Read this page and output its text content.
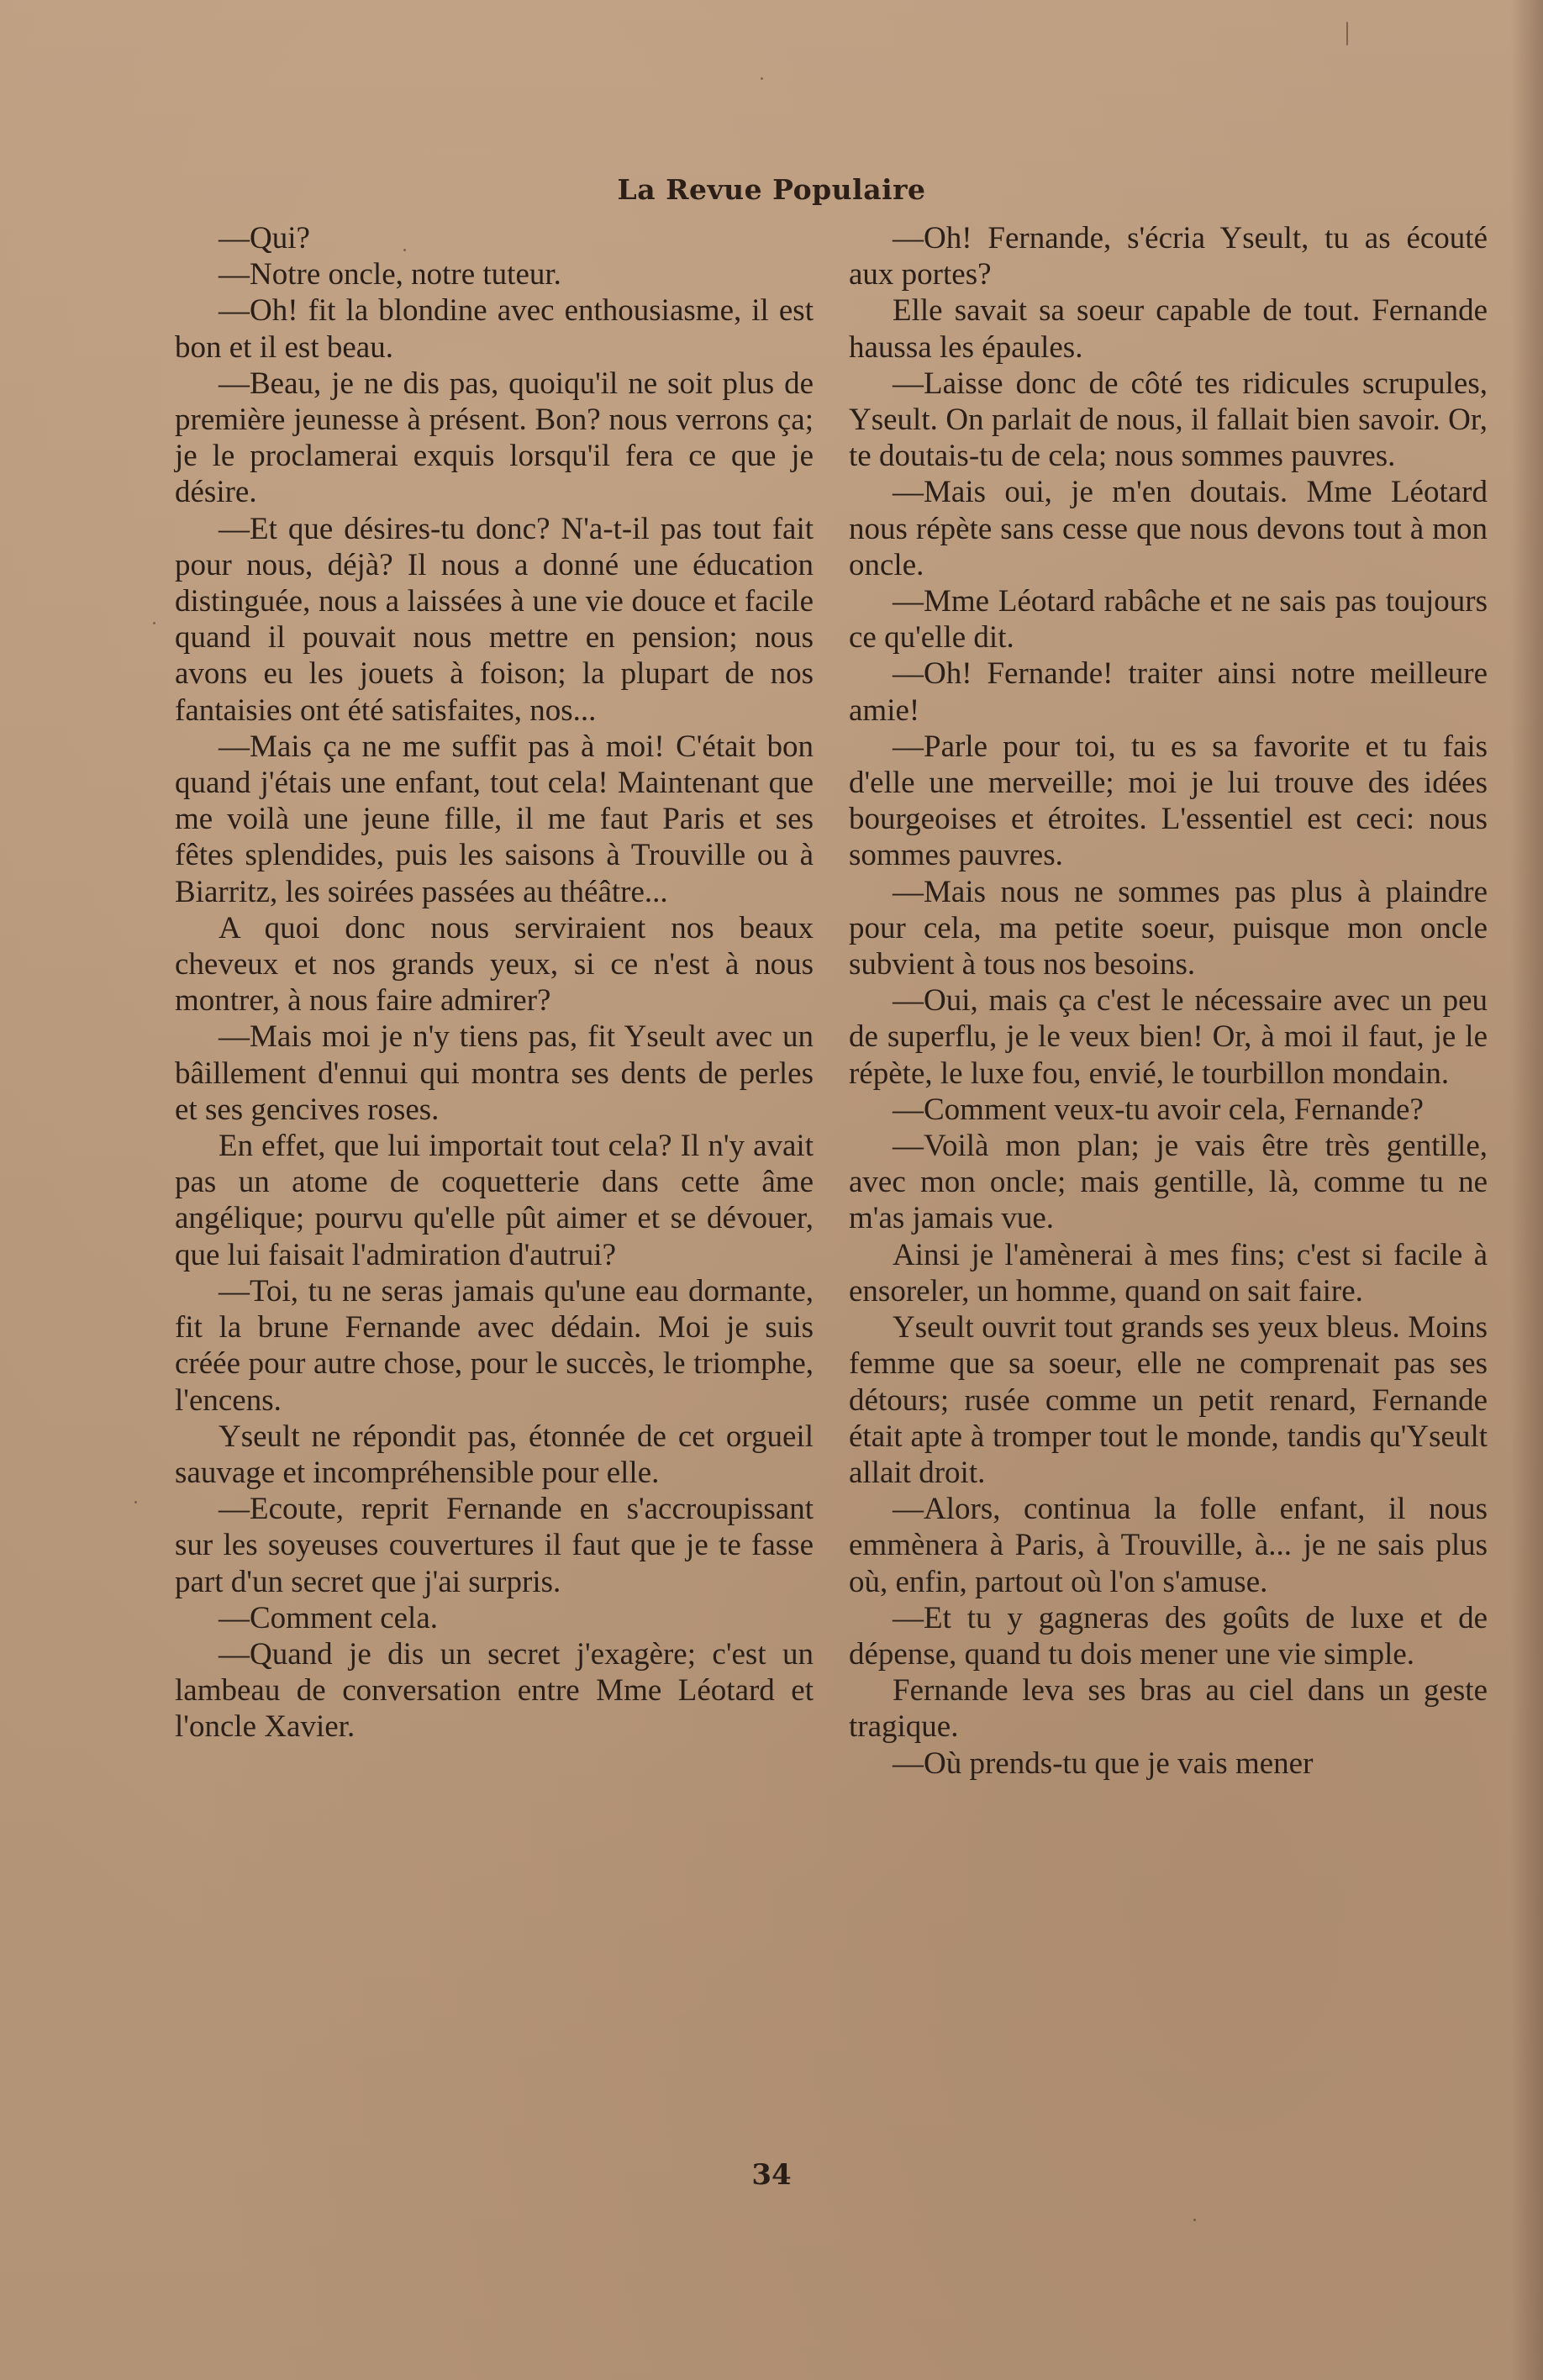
La Revue Populaire

—Qui?

—Notre oncle, notre tuteur.

—Oh! fit la blondine avec enthousiasme, il est bon et il est beau.

—Beau, je ne dis pas, quoiqu'il ne soit plus de première jeunesse à présent. Bon? nous verrons ça; je le proclamerai exquis lorsqu'il fera ce que je désire.

—Et que désires-tu donc? N'a-t-il pas tout fait pour nous, déjà? Il nous a donné une éducation distinguée, nous a laissées à une vie douce et facile quand il pouvait nous mettre en pension; nous avons eu les jouets à foison; la plupart de nos fantaisies ont été satisfaites, nos...

—Mais ça ne me suffit pas à moi! C'était bon quand j'étais une enfant, tout cela! Maintenant que me voilà une jeune fille, il me faut Paris et ses fêtes splendides, puis les saisons à Trouville ou à Biarritz, les soirées passées au théâtre...

A quoi donc nous serviraient nos beaux cheveux et nos grands yeux, si ce n'est à nous montrer, à nous faire admirer?

—Mais moi je n'y tiens pas, fit Yseult avec un bâillement d'ennui qui montra ses dents de perles et ses gencives roses.

En effet, que lui importait tout cela? Il n'y avait pas un atome de coquetterie dans cette âme angélique; pourvu qu'elle pût aimer et se dévouer, que lui faisait l'admiration d'autrui?

—Toi, tu ne seras jamais qu'une eau dormante, fit la brune Fernande avec dédain. Moi je suis créée pour autre chose, pour le succès, le triomphe, l'encens.

Yseult ne répondit pas, étonnée de cet orgueil sauvage et incompréhensible pour elle.

—Ecoute, reprit Fernande en s'accroupissant sur les soyeuses couvertures il faut que je te fasse part d'un secret que j'ai surpris.

—Comment cela.

—Quand je dis un secret j'exagère; c'est un lambeau de conversation entre Mme Léotard et l'oncle Xavier.

—Oh! Fernande, s'écria Yseult, tu as écouté aux portes?

Elle savait sa soeur capable de tout. Fernande haussa les épaules.

—Laisse donc de côté tes ridicules scrupules, Yseult. On parlait de nous, il fallait bien savoir. Or, te doutais-tu de cela; nous sommes pauvres.

—Mais oui, je m'en doutais. Mme Léotard nous répète sans cesse que nous devons tout à mon oncle.

—Mme Léotard rabâche et ne sais pas toujours ce qu'elle dit.

—Oh! Fernande! traiter ainsi notre meilleure amie!

—Parle pour toi, tu es sa favorite et tu fais d'elle une merveille; moi je lui trouve des idées bourgeoises et étroites. L'essentiel est ceci: nous sommes pauvres.

—Mais nous ne sommes pas plus à plaindre pour cela, ma petite soeur, puisque mon oncle subvient à tous nos besoins.

—Oui, mais ça c'est le nécessaire avec un peu de superflu, je le veux bien! Or, à moi il faut, je le répète, le luxe fou, envié, le tourbillon mondain.

—Comment veux-tu avoir cela, Fernande?

—Voilà mon plan; je vais être très gentille, avec mon oncle; mais gentille, là, comme tu ne m'as jamais vue.

Ainsi je l'amènerai à mes fins; c'est si facile à ensoreler, un homme, quand on sait faire.

Yseult ouvrit tout grands ses yeux bleus. Moins femme que sa soeur, elle ne comprenait pas ses détours; rusée comme un petit renard, Fernande était apte à tromper tout le monde, tandis qu'Yseult allait droit.

—Alors, continua la folle enfant, il nous emmènera à Paris, à Trouville, à... je ne sais plus où, enfin, partout où l'on s'amuse.

—Et tu y gagneras des goûts de luxe et de dépense, quand tu dois mener une vie simple.

Fernande leva ses bras au ciel dans un geste tragique.

—Où prends-tu que je vais mener

34
